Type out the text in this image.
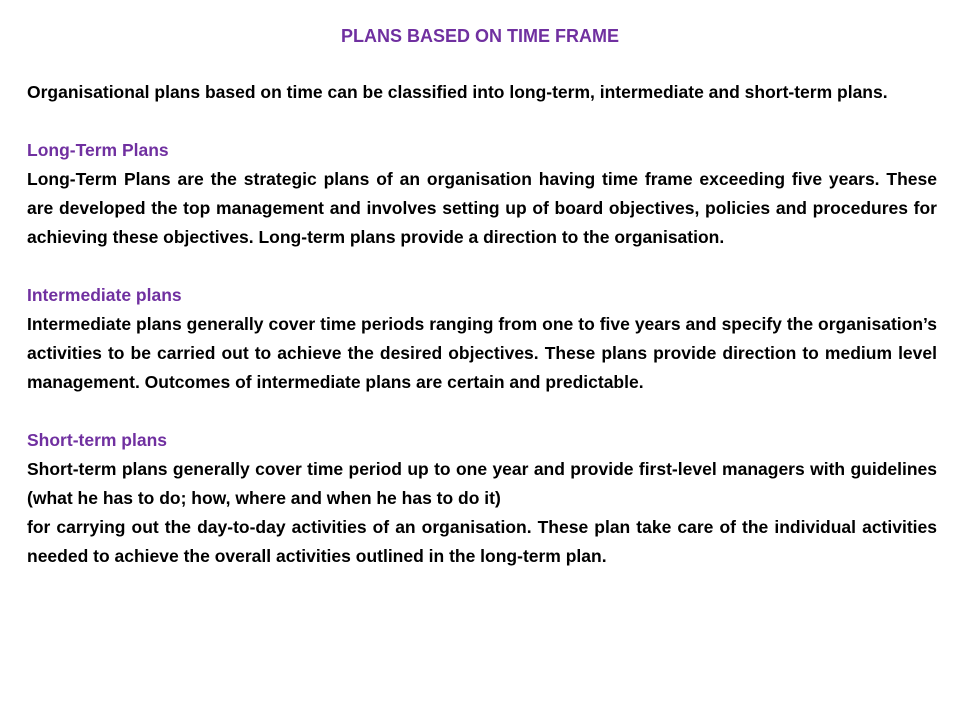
PLANS BASED ON TIME FRAME

Organisational plans based on time can be classified into long-term, intermediate and short-term plans.

Long-Term Plans

Long-Term Plans are the strategic plans of an organisation having time frame exceeding five years. These are developed the top management and involves setting up of board objectives, policies and procedures for achieving these objectives. Long-term plans provide a direction to the organisation.

Intermediate plans

Intermediate plans generally cover time periods ranging from one to five years and specify the organisation’s activities to be carried out to achieve the desired objectives. These plans provide direction to medium level management. Outcomes of intermediate plans are certain and predictable.

Short-term plans

Short-term plans generally cover time period up to one year and provide first-level managers with guidelines (what he has to do; how, where and when he has to do it)

for carrying out the day-to-day activities of an organisation. These plan take care of the individual activities needed to achieve the overall activities outlined in the long-term plan.
